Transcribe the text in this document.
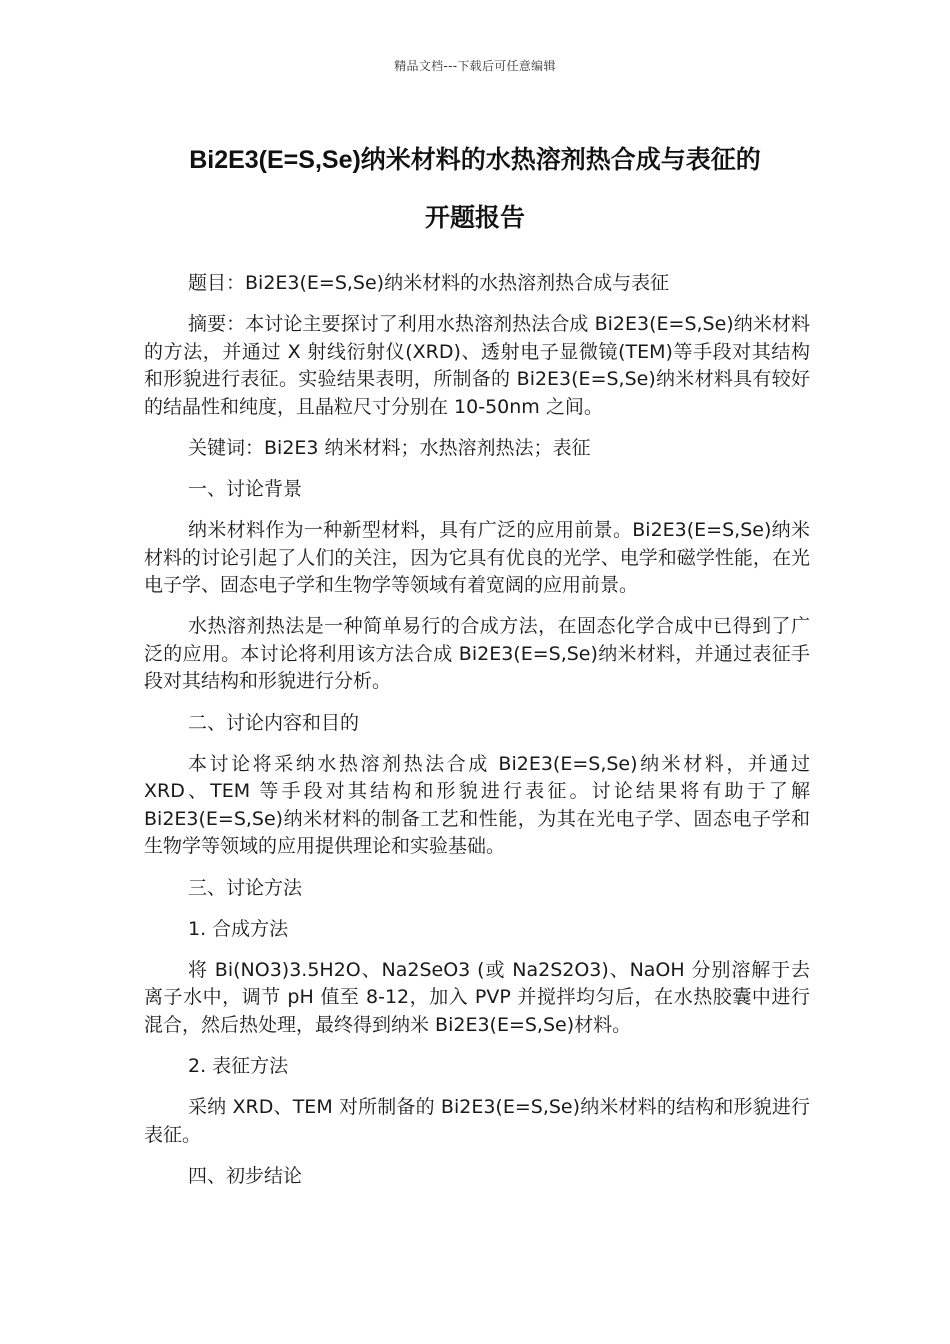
精品文档---下载后可任意编辑
Bi2E3(E=S,Se)纳米材料的水热溶剂热合成与表征的
开题报告

题目：Bi2E3(E=S,Se)纳米材料的水热溶剂热合成与表征

摘要：本讨论主要探讨了利用水热溶剂热法合成 Bi2E3(E=S,Se)纳米材料的方法，并通过 X 射线衍射仪(XRD)、透射电子显微镜(TEM)等手段对其结构和形貌进行表征。实验结果表明，所制备的 Bi2E3(E=S,Se)纳米材料具有较好的结晶性和纯度，且晶粒尺寸分别在 10-50nm 之间。

关键词：Bi2E3 纳米材料；水热溶剂热法；表征

一、讨论背景

纳米材料作为一种新型材料，具有广泛的应用前景。Bi2E3(E=S,Se)纳米材料的讨论引起了人们的关注，因为它具有优良的光学、电学和磁学性能，在光电子学、固态电子学和生物学等领域有着宽阔的应用前景。

水热溶剂热法是一种简单易行的合成方法，在固态化学合成中已得到了广泛的应用。本讨论将利用该方法合成 Bi2E3(E=S,Se)纳米材料，并通过表征手段对其结构和形貌进行分析。

二、讨论内容和目的

本讨论将采纳水热溶剂热法合成 Bi2E3(E=S,Se)纳米材料，并通过 XRD、TEM 等手段对其结构和形貌进行表征。讨论结果将有助于了解 Bi2E3(E=S,Se)纳米材料的制备工艺和性能，为其在光电子学、固态电子学和生物学等领域的应用提供理论和实验基础。

三、讨论方法

1. 合成方法

将 Bi(NO3)3.5H2O、Na2SeO3 (或 Na2S2O3)、NaOH 分别溶解于去离子水中，调节 pH 值至 8-12，加入 PVP 并搅拌均匀后，在水热胶囊中进行混合，然后热处理，最终得到纳米 Bi2E3(E=S,Se)材料。

2. 表征方法

采纳 XRD、TEM 对所制备的 Bi2E3(E=S,Se)纳米材料的结构和形貌进行表征。

四、初步结论
